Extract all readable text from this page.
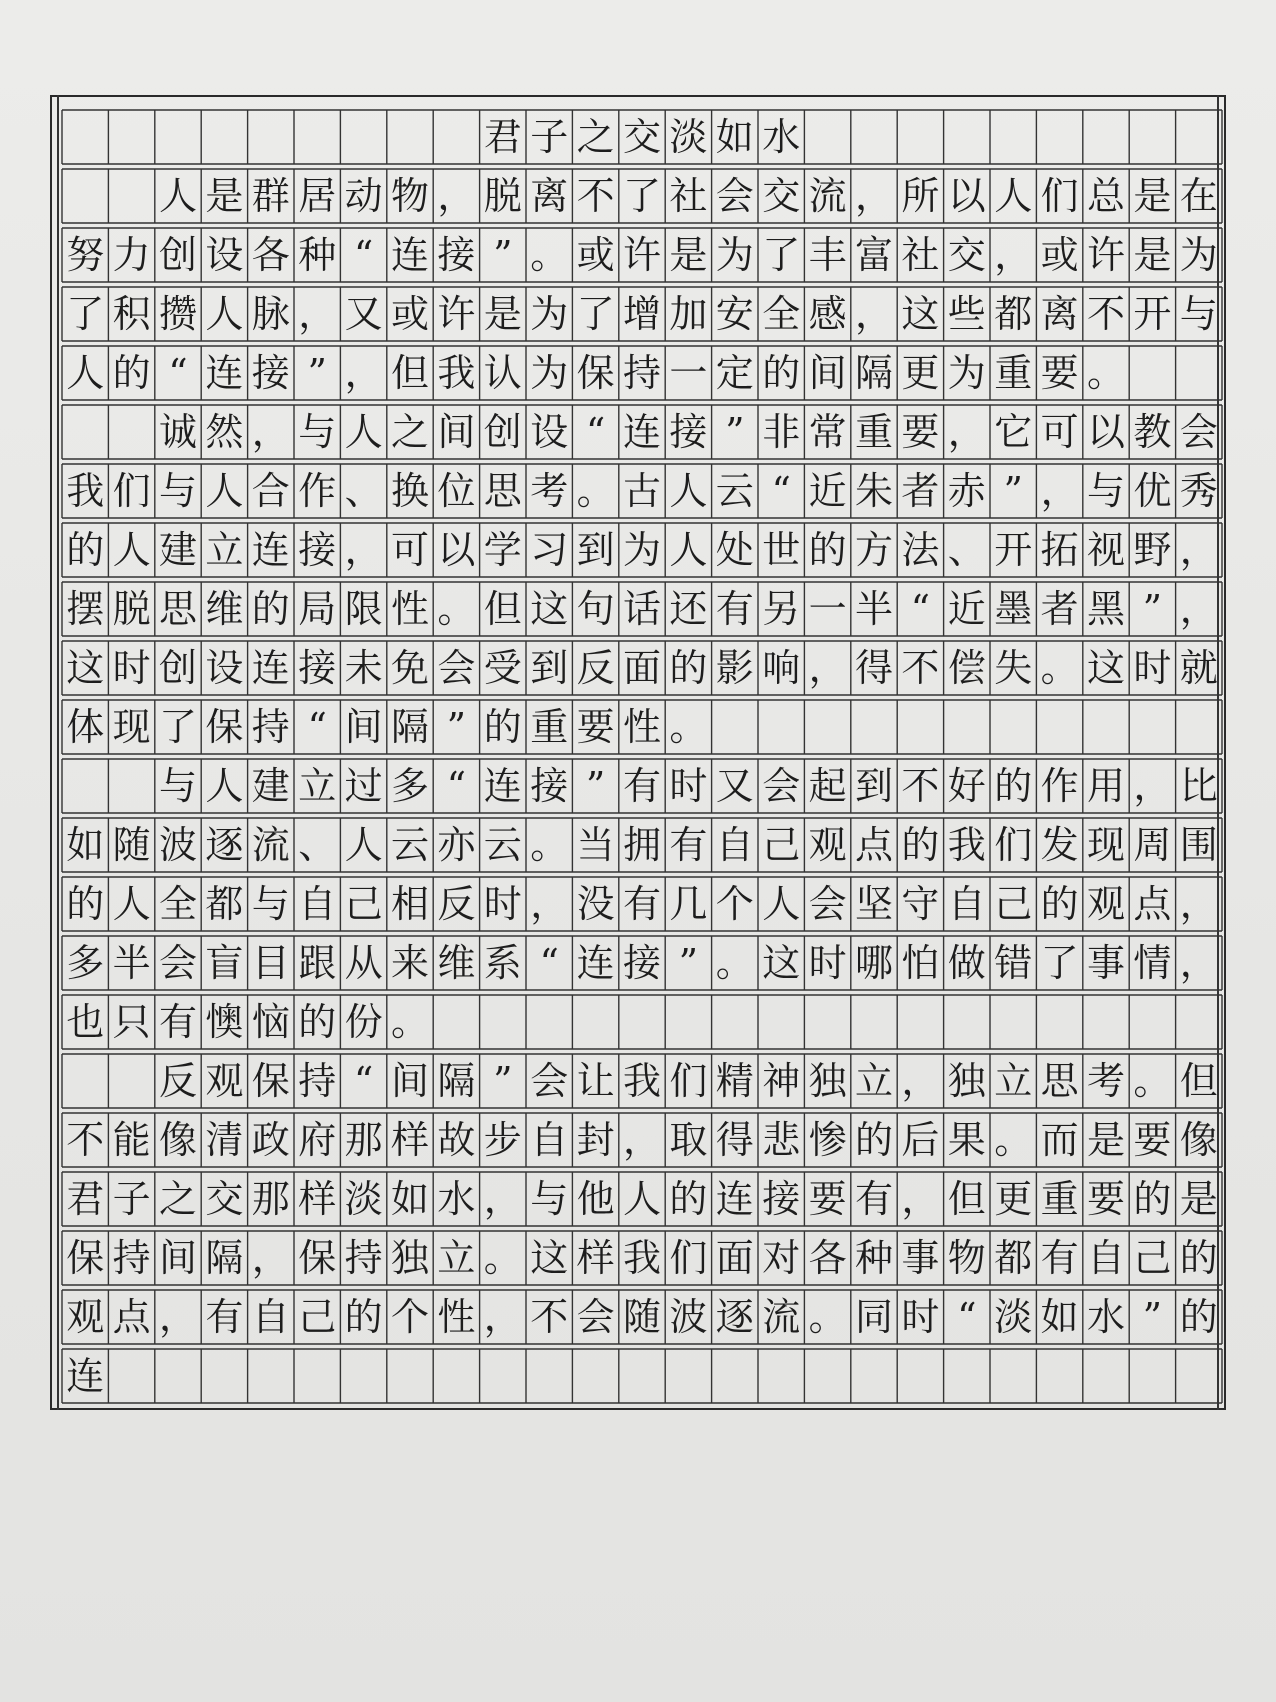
君 子 之 交 淡 如 水
人 是 群 居 动 物 ， 脱 离 不 了 社 会 交 流 ， 所 以 人 们 总 是 在
努 力 创 设 各 种 “ 连 接 ” 。 或 许 是 为 了 丰 富 社 交 ， 或 许 是 为
了 积 攒 人 脉 ， 又 或 许 是 为 了 增 加 安 全 感 ， 这 些 都 离 不 开 与
人 的 “ 连 接 ” ， 但 我 认 为 保 持 一 定 的 间 隔 更 为 重 要 。
诚 然 ， 与 人 之 间 创 设 “ 连 接 ” 非 常 重 要 ， 它 可 以 教 会
我 们 与 人 合 作 、 换 位 思 考 。 古 人 云 “ 近 朱 者 赤 ” ， 与 优 秀
的 人 建 立 连 接 ， 可 以 学 习 到 为 人 处 世 的 方 法 、 开 拓 视 野 ，
摆 脱 思 维 的 局 限 性 。 但 这 句 话 还 有 另 一 半 “ 近 墨 者 黑 ” ，
这 时 创 设 连 接 未 免 会 受 到 反 面 的 影 响 ， 得 不 偿 失 。 这 时 就
体 现 了 保 持 “ 间 隔 ” 的 重 要 性 。
与 人 建 立 过 多 “ 连 接 ” 有 时 又 会 起 到 不 好 的 作 用 ， 比
如 随 波 逐 流 、 人 云 亦 云 。 当 拥 有 自 己 观 点 的 我 们 发 现 周 围
的 人 全 都 与 自 己 相 反 时 ， 没 有 几 个 人 会 坚 守 自 己 的 观 点 ，
多 半 会 盲 目 跟 从 来 维 系 “ 连 接 ” 。 这 时 哪 怕 做 错 了 事 情 ，
也 只 有 懊 恼 的 份 。
反 观 保 持 “ 间 隔 ” 会 让 我 们 精 神 独 立 ， 独 立 思 考 。 但
不 能 像 清 政 府 那 样 故 步 自 封 ， 取 得 悲 惨 的 后 果 。 而 是 要 像
君 子 之 交 那 样 淡 如 水 ， 与 他 人 的 连 接 要 有 ， 但 更 重 要 的 是
保 持 间 隔 ， 保 持 独 立 。 这 样 我 们 面 对 各 种 事 物 都 有 自 己 的
观 点 ， 有 自 己 的 个 性 ， 不 会 随 波 逐 流 。 同 时 “ 淡 如 水 ” 的
连
